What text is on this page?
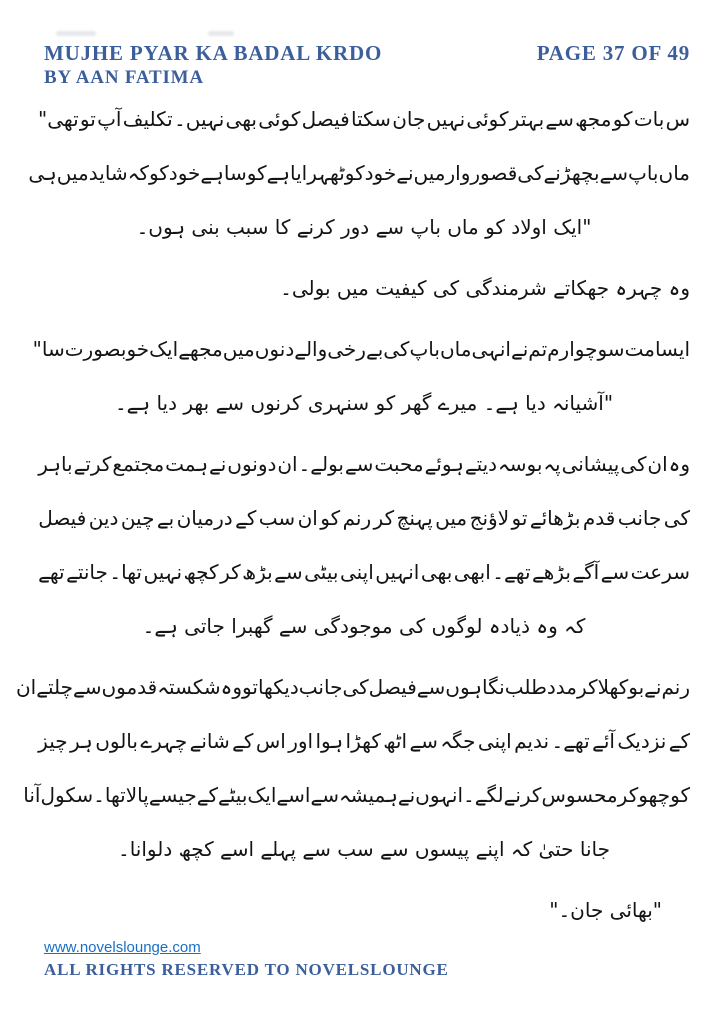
MUJHE PYAR KA BADAL KRDO
BY AAN FATIMA
PAGE 37 OF 49
س
بات
کو
مجھ
سے
بہتر
کوئی
نہیں
جان
سکتا
فیصل
کوئی
بھی
نہیں۔
تکلیف
آپ
تو
تھی"
ماں
باپ
سے
بچھڑنے
کی
قصوروار
میں
نے
خود
کو
ٹھہرایا
ہے
کوسا
ہے
خود
کو
کہ
شاید
میں
ہی
"ایک اولاد کو ماں باپ سے دور کرنے کا سبب بنی ہوں۔
وہ چہرہ جھکاتے شرمندگی کی کیفیت میں بولی۔
ایسا
مت
سوچو
ارم
تم
نے
انہی
ماں
باپ
کی
بے
رخی
والے
دنوں
میں
مجھے
ایک
خوبصورت
سا"
"آشیانہ دیا ہے۔ میرے گھر کو سنہری کرنوں سے بھر دیا ہے۔
وہ
ان
کی
پیشانی
پہ
بوسہ
دیتے
ہوئے
محبت
سے
بولے۔
ان
دونوں
نے
ہمت
مجتمع
کرتے
باہر
کی
جانب
قدم
بڑھائے
تو
لاؤنج
میں
پہنچ
کر
رنم
کو
ان
سب
کے
درمیان
بے
چین
دین
فیصل
سرعت
سے
آگے
بڑھے
تھے۔
ابھی
بھی
انہیں
اپنی
بیٹی
سے
بڑھ
کر
کچھ
نہیں
تھا۔
جانتے
تھے
کہ وہ ذیادہ لوگوں کی موجودگی سے گھبرا جاتی ہے۔
رنم
نے
بوکھلا
کر
مدد
طلب
نگاہوں
سے
فیصل
کی
جانب
دیکھا
تو
وہ
شکستہ
قدموں
سے
چلتے
ان
کے
نزدیک
آئے
تھے۔
ندیم
اپنی
جگہ
سے
اٹھ
کھڑا
ہوا
اور
اس
کے
شانے
چہرے
بالوں
ہر
چیز
کو
چھو
کر
محسوس
کرنے
لگے۔
انہوں
نے
ہمیشہ
سے
اسے
ایک
بیٹے
کے
جیسے
پالا
تھا۔
سکول
آنا
جانا حتیٰ کہ اپنے پیسوں سے سب سے پہلے اسے کچھ دلوانا۔
"بھائی جان۔"
www.novelslounge.com
ALL RIGHTS RESERVED TO NOVELSLOUNGE
